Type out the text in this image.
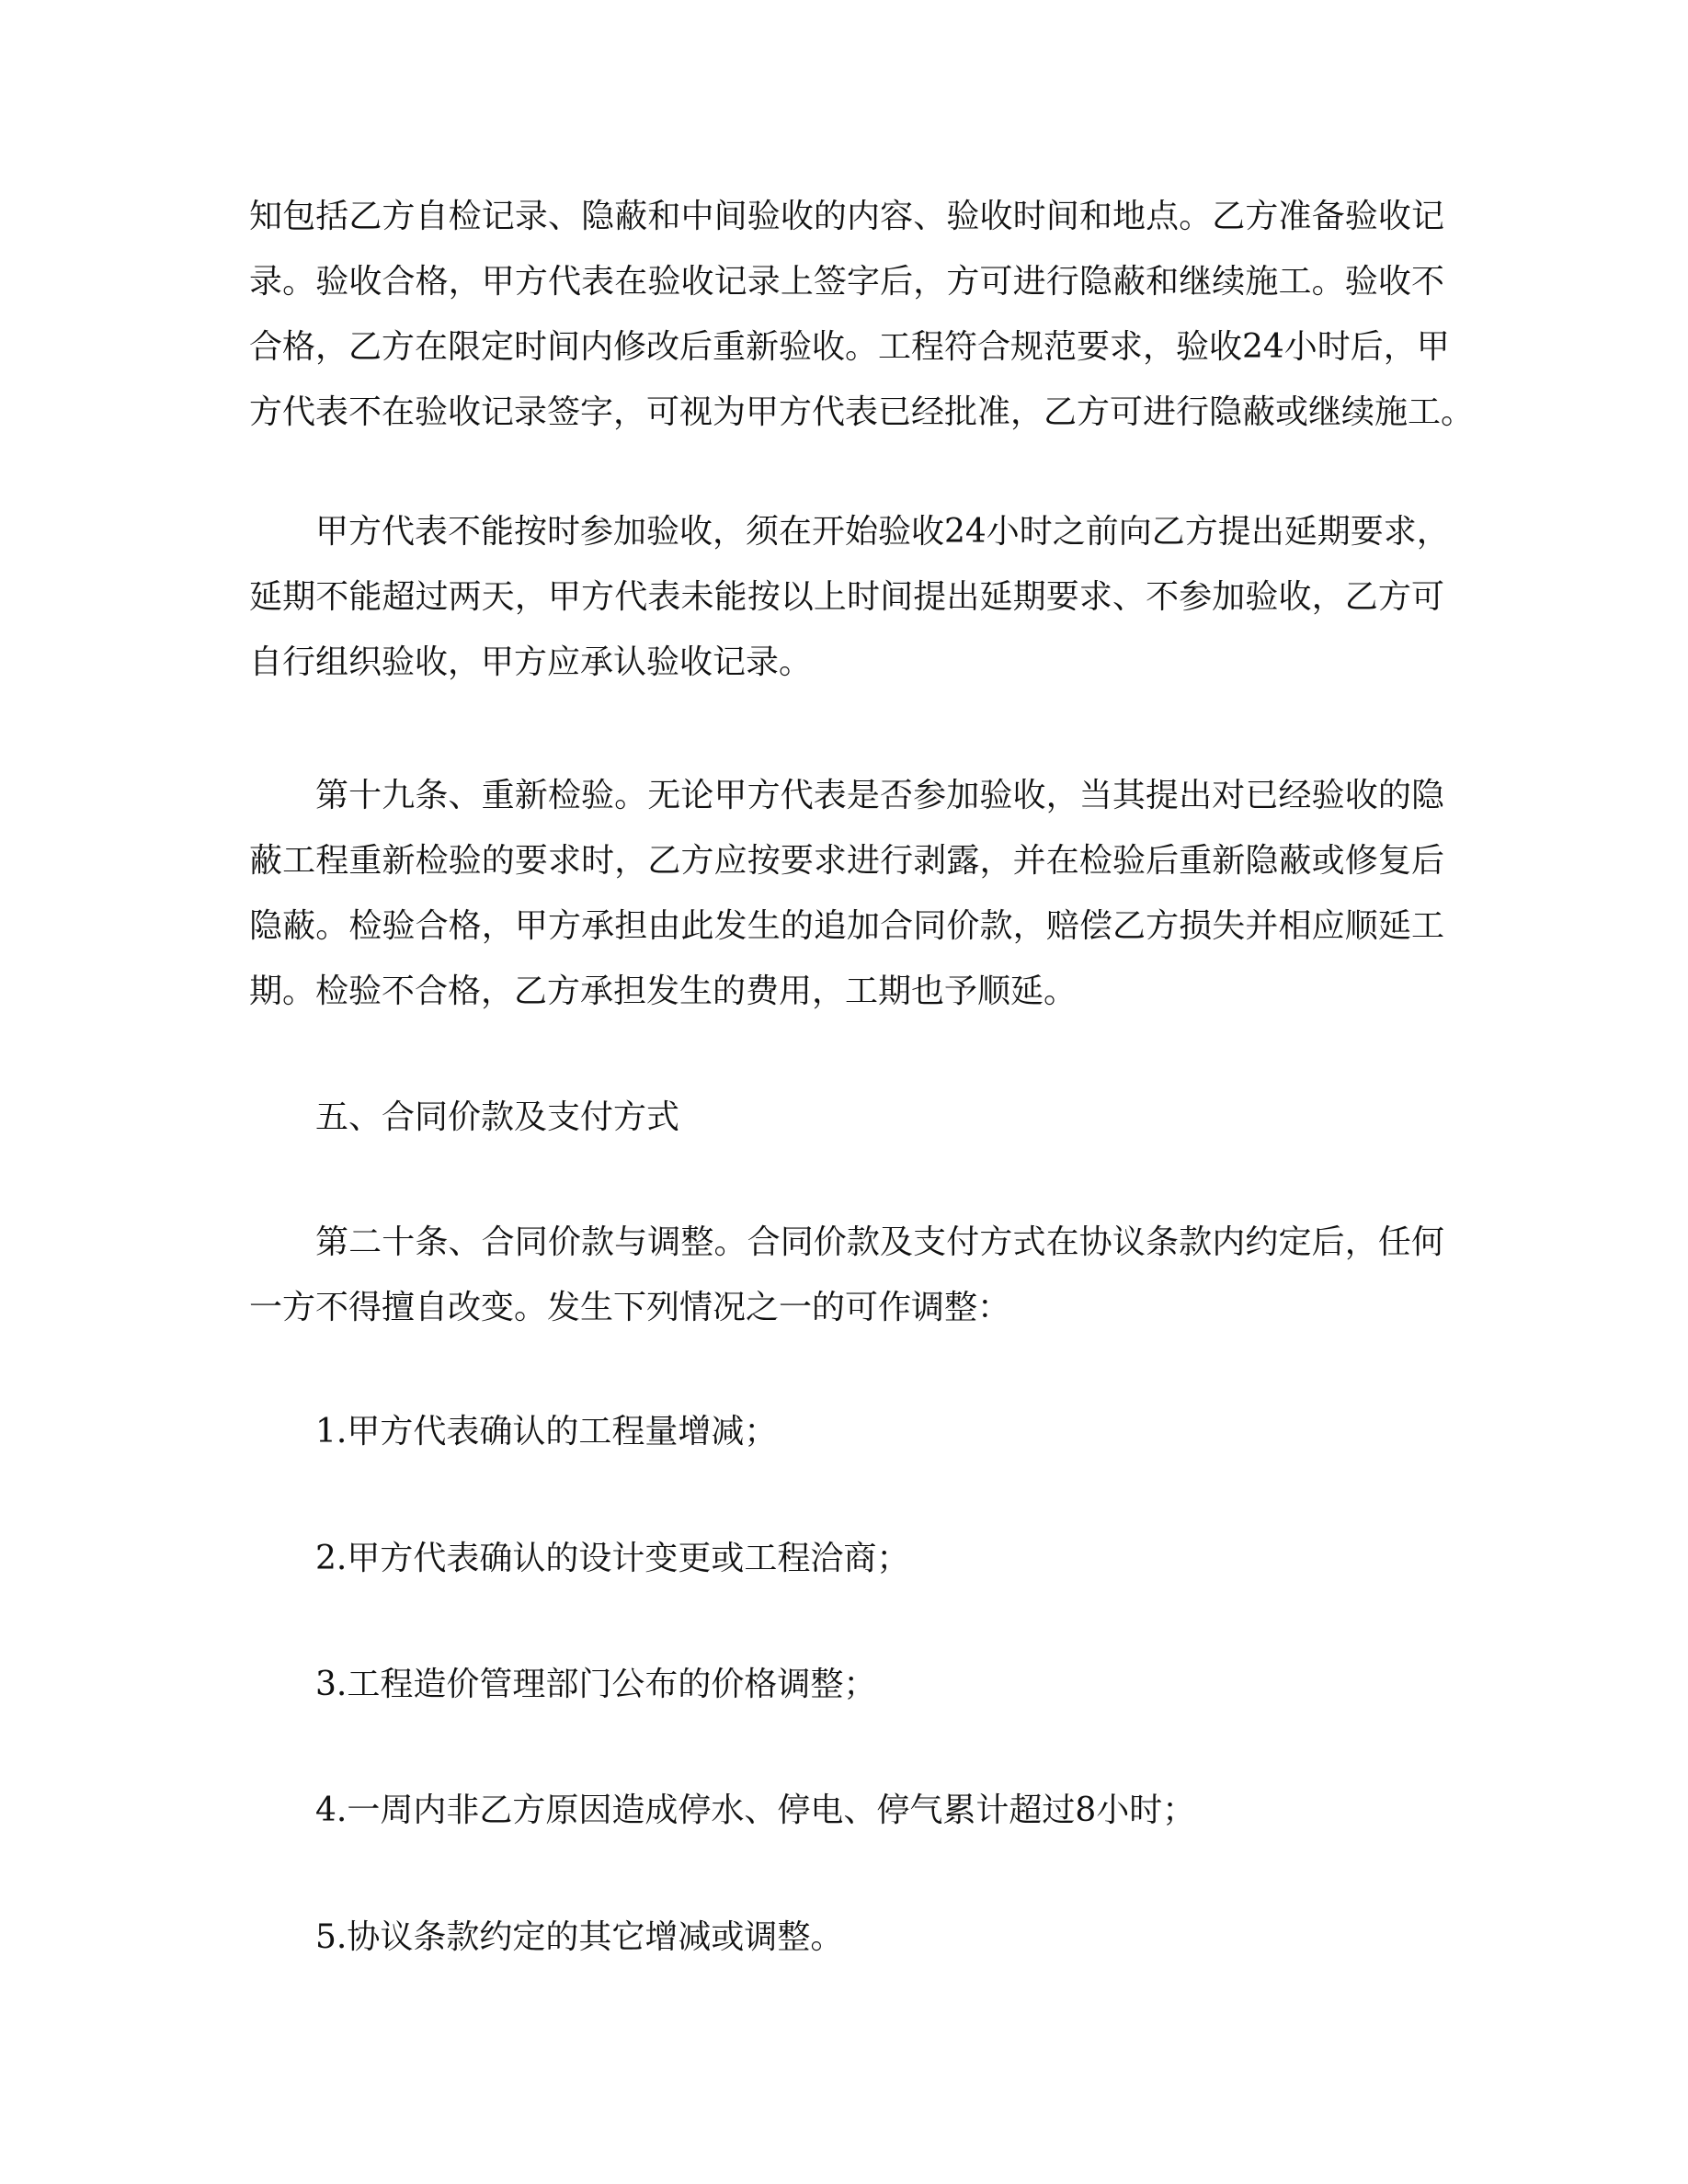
知包括乙方自检记录、隐蔽和中间验收的内容、验收时间和地点。乙方准备验收记
录。验收合格，甲方代表在验收记录上签字后，方可进行隐蔽和继续施工。验收不
合格，乙方在限定时间内修改后重新验收。工程符合规范要求，验收24小时后，甲
方代表不在验收记录签字，可视为甲方代表已经批准，乙方可进行隐蔽或继续施工。
甲方代表不能按时参加验收，须在开始验收24小时之前向乙方提出延期要求，
延期不能超过两天，甲方代表未能按以上时间提出延期要求、不参加验收，乙方可
自行组织验收，甲方应承认验收记录。
第十九条、重新检验。无论甲方代表是否参加验收，当其提出对已经验收的隐
蔽工程重新检验的要求时，乙方应按要求进行剥露，并在检验后重新隐蔽或修复后
隐蔽。检验合格，甲方承担由此发生的追加合同价款，赔偿乙方损失并相应顺延工
期。检验不合格，乙方承担发生的费用，工期也予顺延。
五、合同价款及支付方式
第二十条、合同价款与调整。合同价款及支付方式在协议条款内约定后，任何
一方不得擅自改变。发生下列情况之一的可作调整：
1.甲方代表确认的工程量增减；
2.甲方代表确认的设计变更或工程洽商；
3.工程造价管理部门公布的价格调整；
4.一周内非乙方原因造成停水、停电、停气累计超过8小时；
5.协议条款约定的其它增减或调整。
